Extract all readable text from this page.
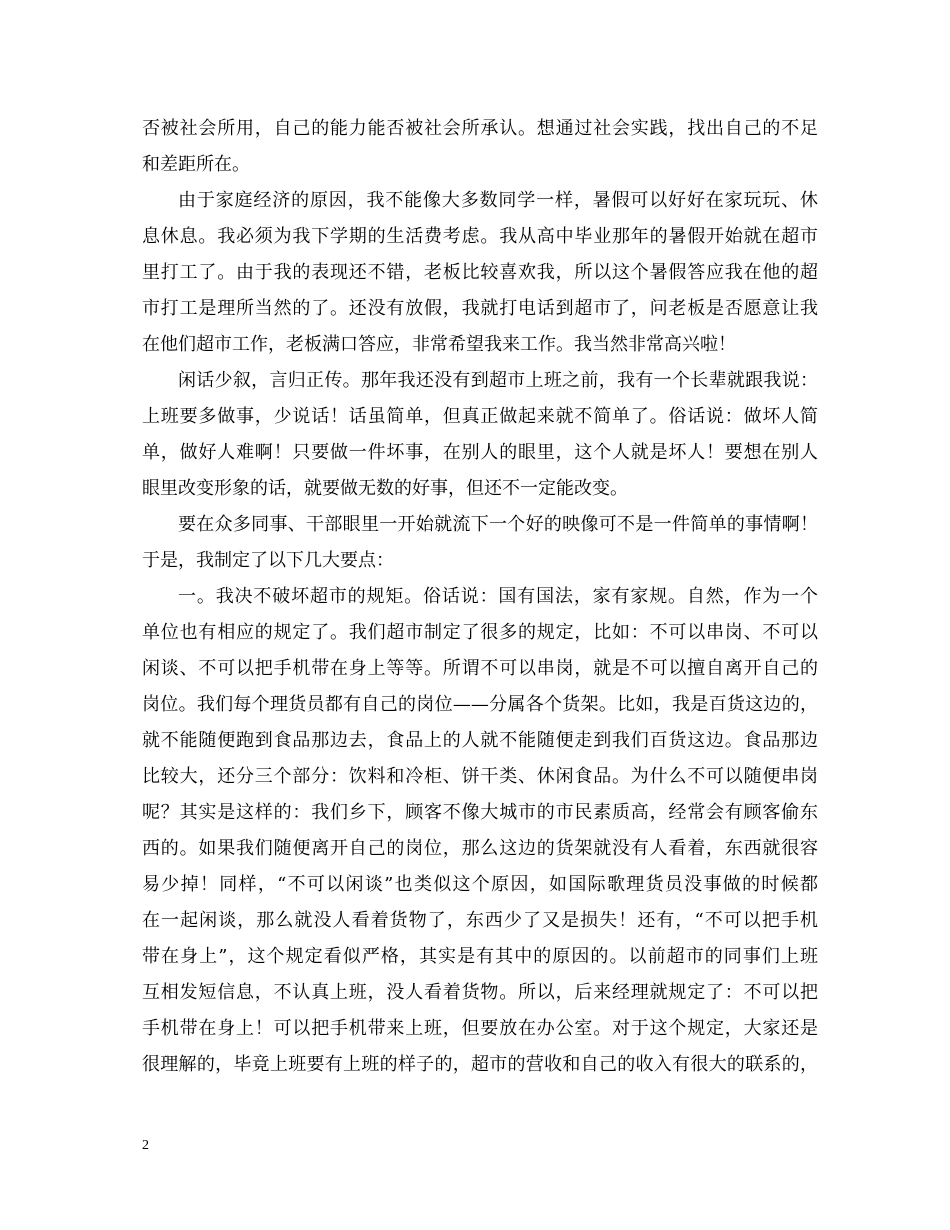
否被社会所用，自己的能力能否被社会所承认。想通过社会实践，找出自己的不足
和差距所在。
由于家庭经济的原因，我不能像大多数同学一样，暑假可以好好在家玩玩、休
息休息。我必须为我下学期的生活费考虑。我从高中毕业那年的暑假开始就在超市
里打工了。由于我的表现还不错，老板比较喜欢我，所以这个暑假答应我在他的超
市打工是理所当然的了。还没有放假，我就打电话到超市了，问老板是否愿意让我
在他们超市工作，老板满口答应，非常希望我来工作。我当然非常高兴啦！
闲话少叙，言归正传。那年我还没有到超市上班之前，我有一个长辈就跟我说：
上班要多做事，少说话！话虽简单，但真正做起来就不简单了。俗话说：做坏人简
单，做好人难啊！只要做一件坏事，在别人的眼里，这个人就是坏人！要想在别人
眼里改变形象的话，就要做无数的好事，但还不一定能改变。
要在众多同事、干部眼里一开始就流下一个好的映像可不是一件简单的事情啊！
于是，我制定了以下几大要点：
一。我决不破坏超市的规矩。俗话说：国有国法，家有家规。自然，作为一个
单位也有相应的规定了。我们超市制定了很多的规定，比如：不可以串岗、不可以
闲谈、不可以把手机带在身上等等。所谓不可以串岗，就是不可以擅自离开自己的
岗位。我们每个理货员都有自己的岗位——分属各个货架。比如，我是百货这边的，
就不能随便跑到食品那边去，食品上的人就不能随便走到我们百货这边。食品那边
比较大，还分三个部分：饮料和冷柜、饼干类、休闲食品。为什么不可以随便串岗
呢？其实是这样的：我们乡下，顾客不像大城市的市民素质高，经常会有顾客偷东
西的。如果我们随便离开自己的岗位，那么这边的货架就没有人看着，东西就很容
易少掉！同样，“不可以闲谈”也类似这个原因，如国际歌理货员没事做的时候都
在一起闲谈，那么就没人看着货物了，东西少了又是损失！还有，“不可以把手机
带在身上”，这个规定看似严格，其实是有其中的原因的。以前超市的同事们上班
互相发短信息，不认真上班，没人看着货物。所以，后来经理就规定了：不可以把
手机带在身上！可以把手机带来上班，但要放在办公室。对于这个规定，大家还是
很理解的，毕竟上班要有上班的样子的，超市的营收和自己的收入有很大的联系的，
2
